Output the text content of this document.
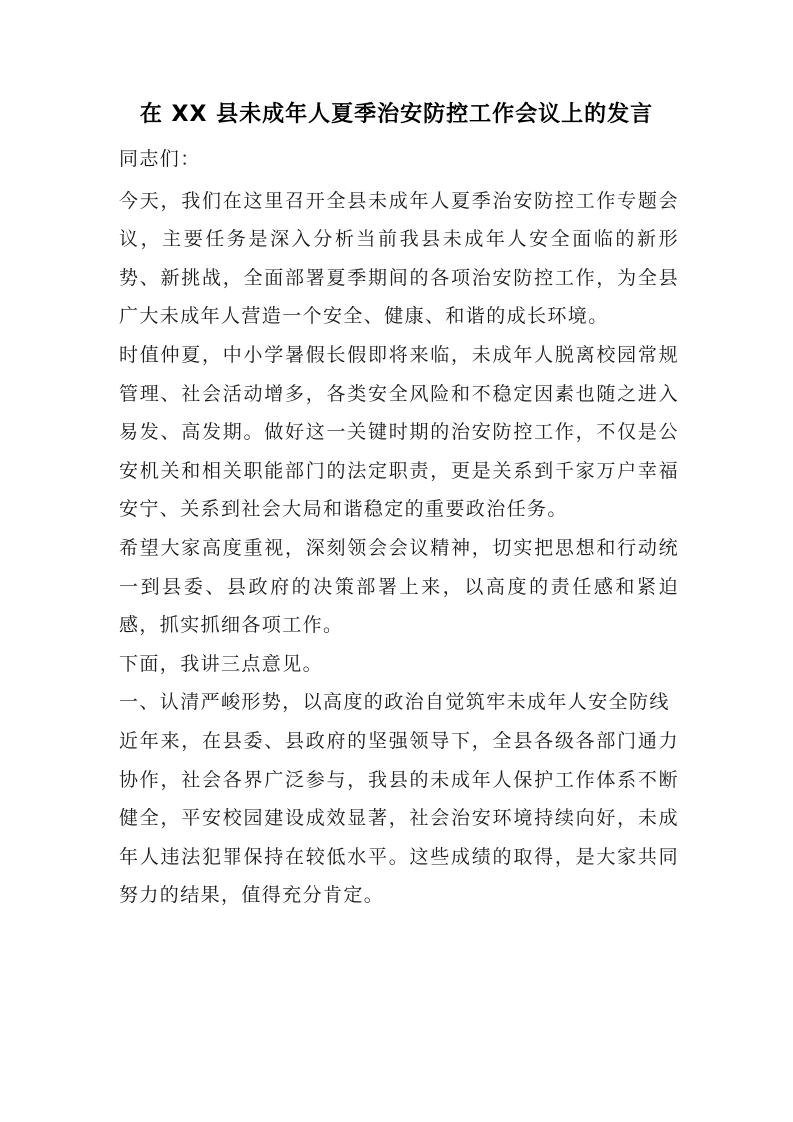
在 XX 县未成年人夏季治安防控工作会议上的发言

同志们：

今天，我们在这里召开全县未成年人夏季治安防控工作专题会议，主要任务是深入分析当前我县未成年人安全面临的新形势、新挑战，全面部署夏季期间的各项治安防控工作，为全县广大未成年人营造一个安全、健康、和谐的成长环境。

时值仲夏，中小学暑假长假即将来临，未成年人脱离校园常规管理、社会活动增多，各类安全风险和不稳定因素也随之进入易发、高发期。做好这一关键时期的治安防控工作，不仅是公安机关和相关职能部门的法定职责，更是关系到千家万户幸福安宁、关系到社会大局和谐稳定的重要政治任务。

希望大家高度重视，深刻领会会议精神，切实把思想和行动统一到县委、县政府的决策部署上来，以高度的责任感和紧迫感，抓实抓细各项工作。

下面，我讲三点意见。

一、认清严峻形势，以高度的政治自觉筑牢未成年人安全防线

近年来，在县委、县政府的坚强领导下，全县各级各部门通力协作，社会各界广泛参与，我县的未成年人保护工作体系不断健全，平安校园建设成效显著，社会治安环境持续向好，未成年人违法犯罪保持在较低水平。这些成绩的取得，是大家共同努力的结果，值得充分肯定。
